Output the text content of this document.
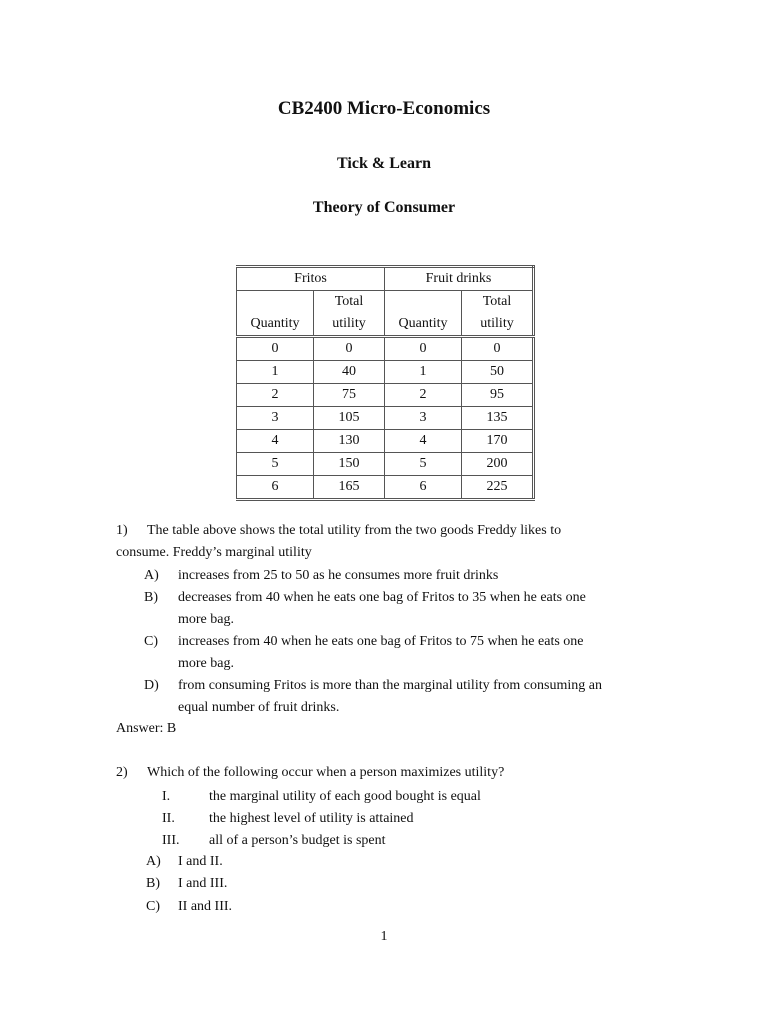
CB2400 Micro-Economics
Tick & Learn
Theory of Consumer
Fritos		Fruit drinks	
	Total		Total
Quantity	utility	Quantity	utility
0	0	0	0
1	40	1	50
2	75	2	95
3	105	3	135
4	130	4	170
5	150	5	200
6	165	6	225
1) The table above shows the total utility from the two goods Freddy likes to
consume. Freddy’s marginal utility
A) increases from 25 to 50 as he consumes more fruit drinks
B) decreases from 40 when he eats one bag of Fritos to 35 when he eats one
more bag.
C) increases from 40 when he eats one bag of Fritos to 75 when he eats one
more bag.
D) from consuming Fritos is more than the marginal utility from consuming an
equal number of fruit drinks.
Answer: B
2) Which of the following occur when a person maximizes utility?
I.	the marginal utility of each good bought is equal
II. the highest level of utility is attained
III. all of a person’s budget is spent
A) I and II.
B) I and III.
C) II and III.
1
